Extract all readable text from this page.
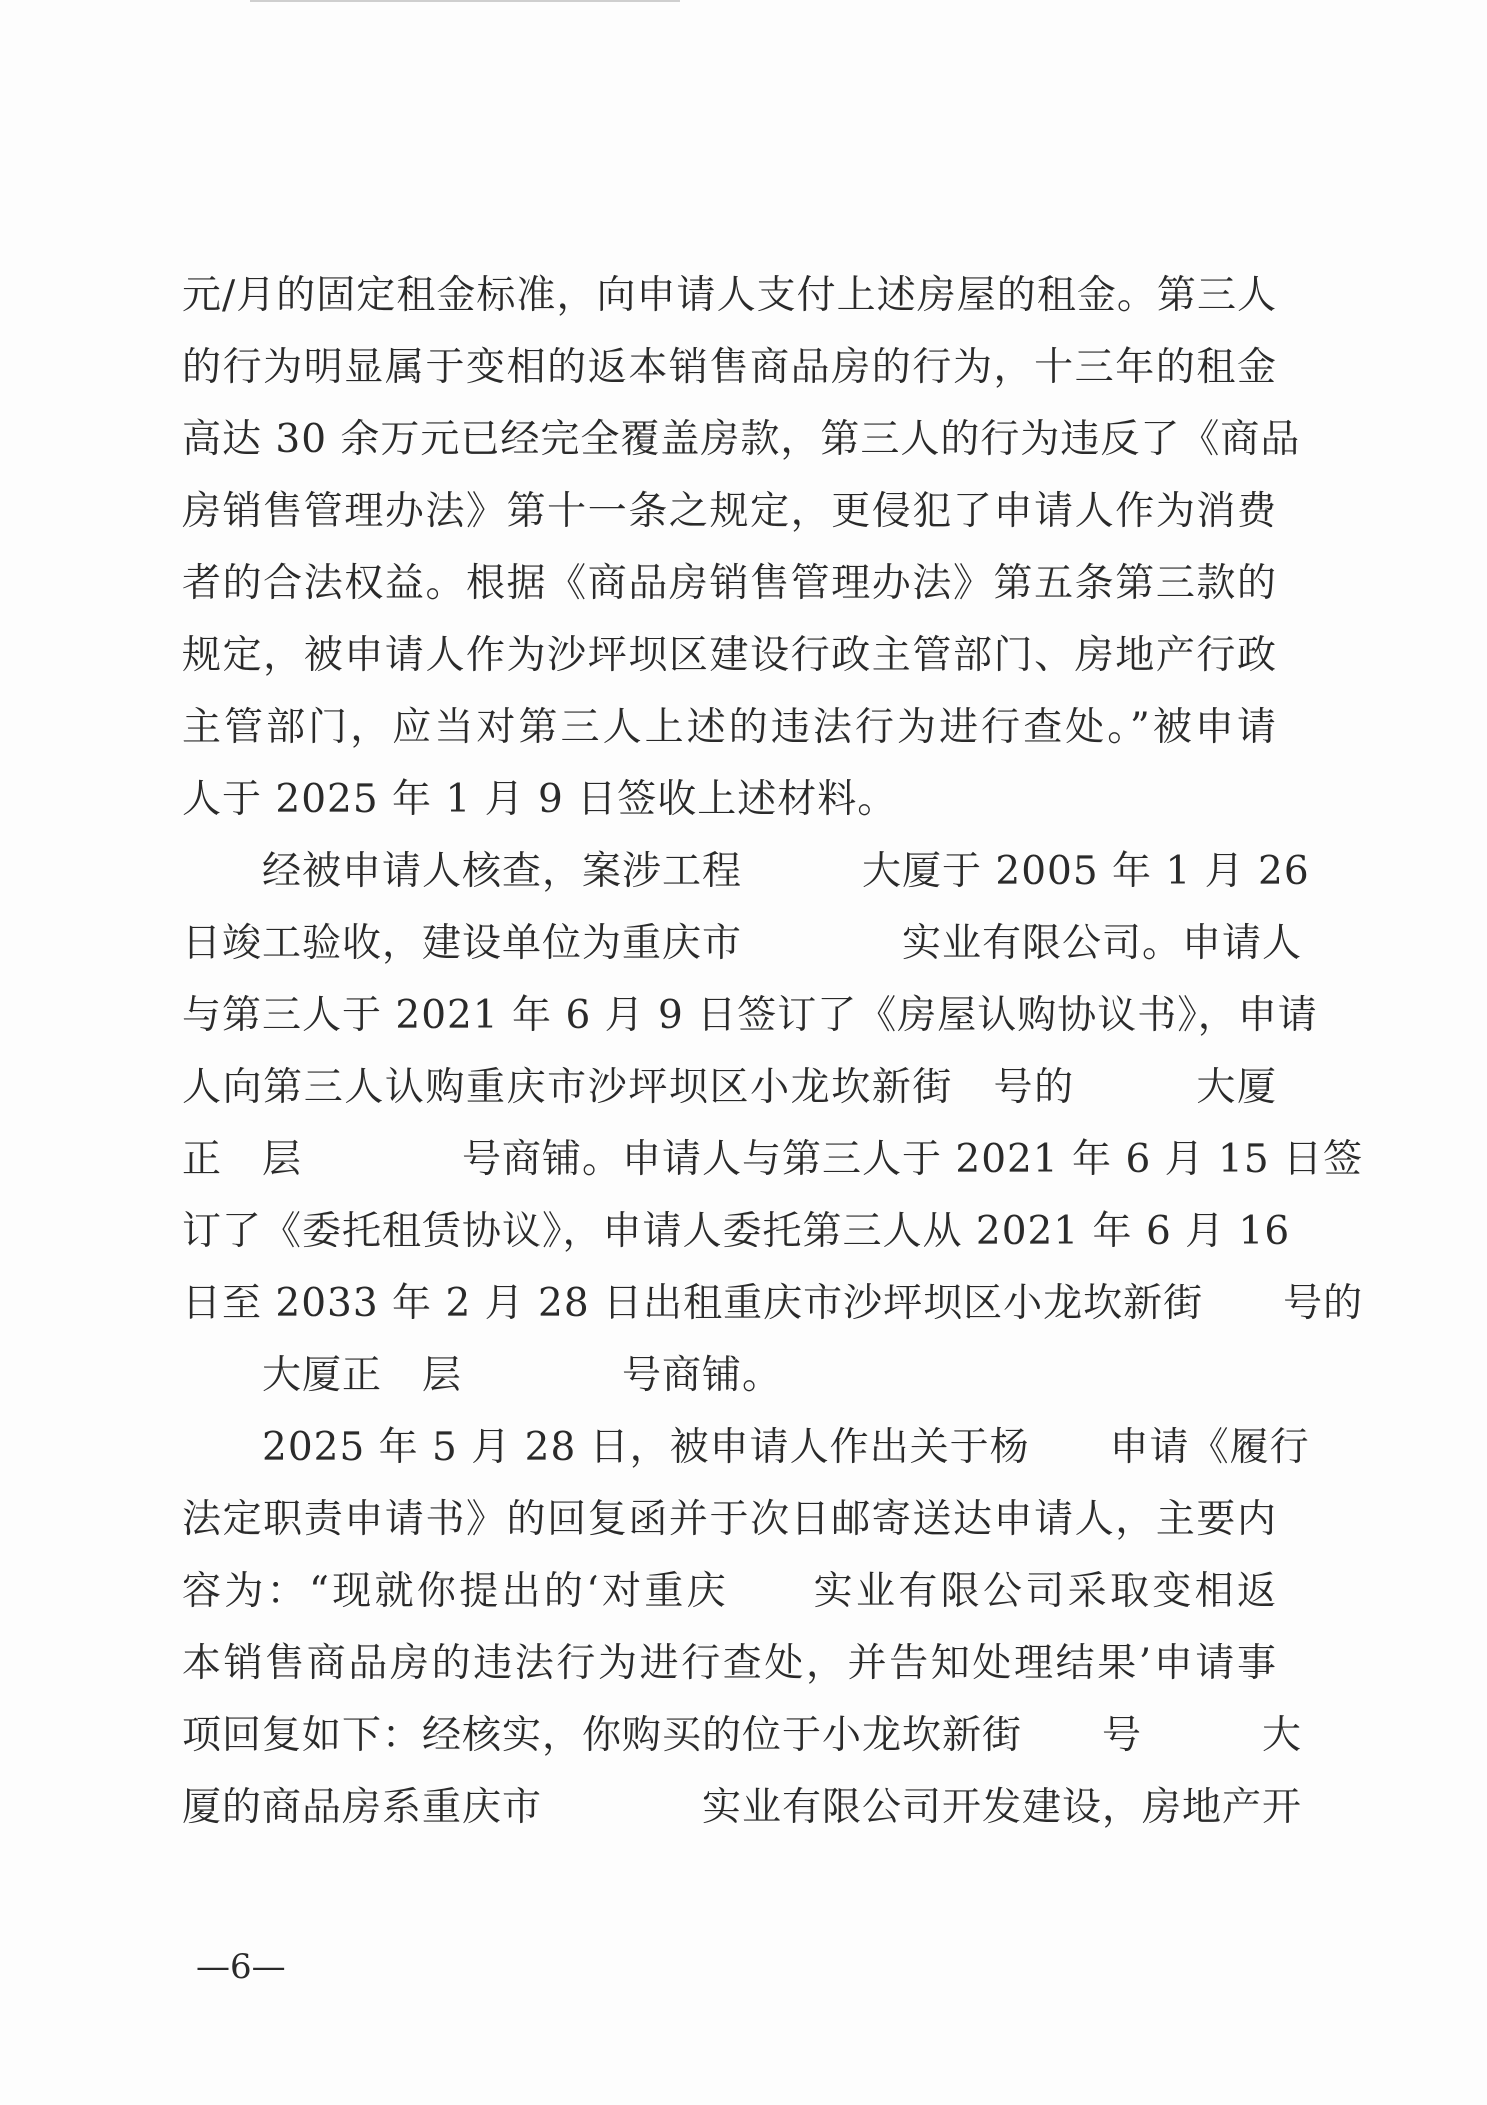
元/月的固定租金标准，向申请人支付上述房屋的租金。第三人
的行为明显属于变相的返本销售商品房的行为，十三年的租金
高达 30 余万元已经完全覆盖房款，第三人的行为违反了《商品
房销售管理办法》第十一条之规定，更侵犯了申请人作为消费
者的合法权益。根据《商品房销售管理办法》第五条第三款的
规定，被申请人作为沙坪坝区建设行政主管部门、房地产行政
主管部门，应当对第三人上述的违法行为进行查处。”被申请
人于 2025 年 1 月 9 日签收上述材料。
　　经被申请人核查，案涉工程　　　大厦于 2005 年 1 月 26
日竣工验收，建设单位为重庆市　　　　实业有限公司。申请人
与第三人于 2021 年 6 月 9 日签订了《房屋认购协议书》，申请
人向第三人认购重庆市沙坪坝区小龙坎新街　号的　　　大厦
正　层　　　　号商铺。申请人与第三人于 2021 年 6 月 15 日签
订了《委托租赁协议》，申请人委托第三人从 2021 年 6 月 16
日至 2033 年 2 月 28 日出租重庆市沙坪坝区小龙坎新街　　号的
　　大厦正　层　　　　号商铺。
　　2025 年 5 月 28 日，被申请人作出关于杨　　申请《履行
法定职责申请书》的回复函并于次日邮寄送达申请人，主要内
容为：“现就你提出的‘对重庆　　实业有限公司采取变相返
本销售商品房的违法行为进行查处，并告知处理结果’申请事
项回复如下：经核实，你购买的位于小龙坎新街　　号　　　大
厦的商品房系重庆市　　　　实业有限公司开发建设，房地产开
—6—
